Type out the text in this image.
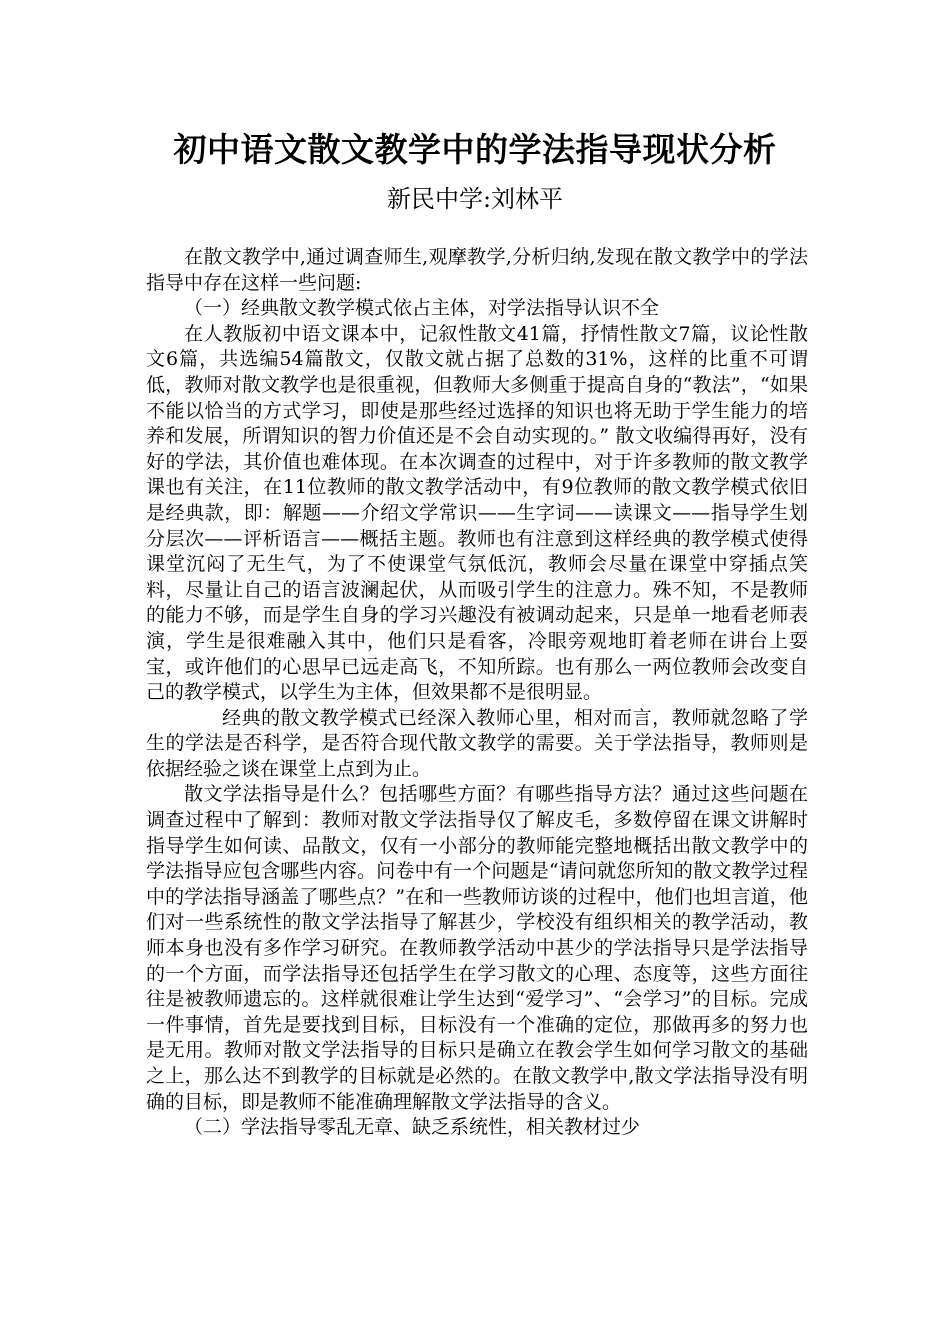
初中语文散文教学中的学法指导现状分析
新民中学:刘林平

在散文教学中,通过调查师生,观摩教学,分析归纳,发现在散文教学中的学法指导中存在这样一些问题:

（一）经典散文教学模式依占主体，对学法指导认识不全

在人教版初中语文课本中，记叙性散文41篇，抒情性散文7篇，议论性散文6篇，共选编54篇散文，仅散文就占据了总数的31%，这样的比重不可谓低，教师对散文教学也是很重视，但教师大多侧重于提高自身的“教法”，“如果不能以恰当的方式学习，即使是那些经过选择的知识也将无助于学生能力的培养和发展，所谓知识的智力价值还是不会自动实现的。” 散文收编得再好，没有好的学法，其价值也难体现。在本次调查的过程中，对于许多教师的散文教学课也有关注，在11位教师的散文教学活动中，有9位教师的散文教学模式依旧是经典款，即：解题——介绍文学常识——生字词——读课文——指导学生划分层次——评析语言——概括主题。教师也有注意到这样经典的教学模式使得课堂沉闷了无生气，为了不使课堂气氛低沉，教师会尽量在课堂中穿插点笑料，尽量让自己的语言波澜起伏，从而吸引学生的注意力。殊不知，不是教师的能力不够，而是学生自身的学习兴趣没有被调动起来，只是单一地看老师表演，学生是很难融入其中，他们只是看客，冷眼旁观地盯着老师在讲台上耍宝，或许他们的心思早已远走高飞，不知所踪。也有那么一两位教师会改变自己的教学模式，以学生为主体，但效果都不是很明显。

经典的散文教学模式已经深入教师心里，相对而言，教师就忽略了学生的学法是否科学，是否符合现代散文教学的需要。关于学法指导，教师则是依据经验之谈在课堂上点到为止。

散文学法指导是什么？包括哪些方面？有哪些指导方法？通过这些问题在调查过程中了解到：教师对散文学法指导仅了解皮毛，多数停留在课文讲解时指导学生如何读、品散文，仅有一小部分的教师能完整地概括出散文教学中的学法指导应包含哪些内容。问卷中有一个问题是“请问就您所知的散文教学过程中的学法指导涵盖了哪些点？”在和一些教师访谈的过程中，他们也坦言道，他们对一些系统性的散文学法指导了解甚少，学校没有组织相关的教学活动，教师本身也没有多作学习研究。在教师教学活动中甚少的学法指导只是学法指导的一个方面，而学法指导还包括学生在学习散文的心理、态度等，这些方面往往是被教师遗忘的。这样就很难让学生达到“爱学习”、“会学习”的目标。完成一件事情，首先是要找到目标，目标没有一个准确的定位，那做再多的努力也是无用。教师对散文学法指导的目标只是确立在教会学生如何学习散文的基础之上，那么达不到教学的目标就是必然的。在散文教学中,散文学法指导没有明确的目标，即是教师不能准确理解散文学法指导的含义。

（二）学法指导零乱无章、缺乏系统性，相关教材过少
